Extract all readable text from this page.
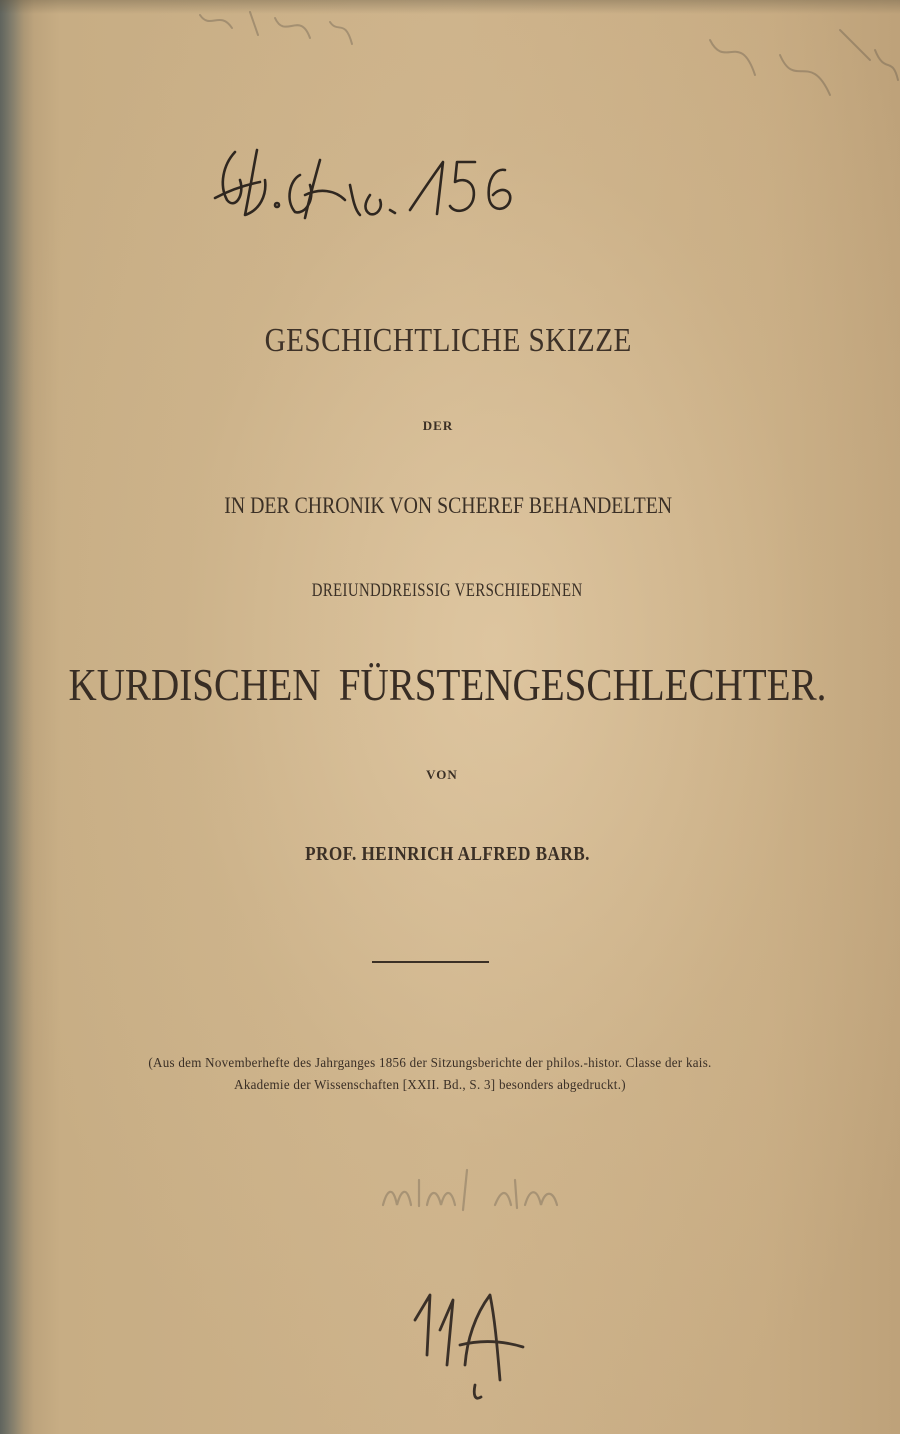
GESCHICHTLICHE SKIZZE
DER
IN DER CHRONIK VON SCHEREF BEHANDELTEN
DREIUNDDREISSIG VERSCHIEDENEN
KURDISCHEN FÜRSTENGESCHLECHTER.
VON
PROF. HEINRICH ALFRED BARB.
(Aus dem Novemberhefte des Jahrganges 1856 der Sitzungsberichte der philos.-histor. Classe der kais.
Akademie der Wissenschaften [XXII. Bd., S. 3] besonders abgedruckt.)
